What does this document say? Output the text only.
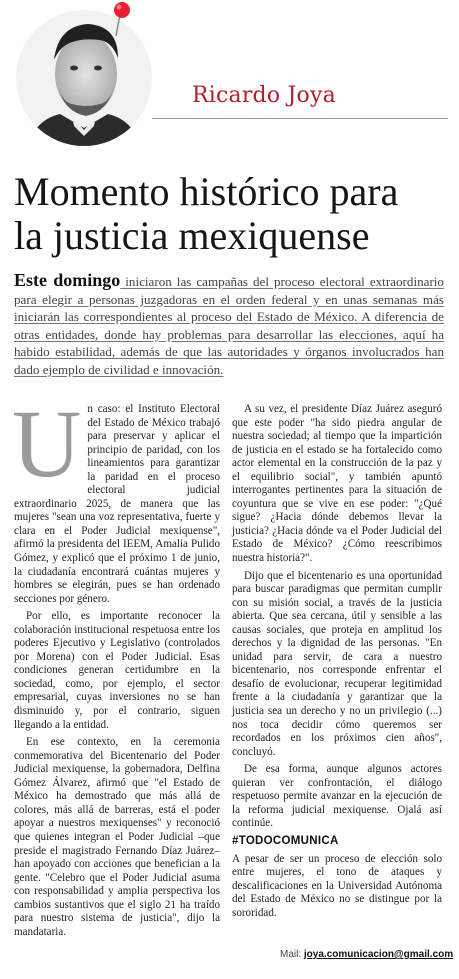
Ricardo Joya
Momento histórico para
la justicia mexiquense
Este domingo iniciaron las campañas del proceso electoral extraordinario para elegir a personas juzgadoras en el orden federal y en unas semanas más iniciarán las correspondientes al proceso del Estado de México. A diferencia de otras entidades, donde hay problemas para desarrollar las elecciones, aquí ha habido estabilidad, además de que las autoridades y órganos involucrados han dado ejemplo de civilidad e innovación.

Un caso: el Instituto Electoral del Estado de México trabajó para preservar y aplicar el principio de paridad, con los lineamientos para garantizar la paridad en el proceso electoral judicial extraordinario 2025, de manera que las mujeres "sean una voz representativa, fuerte y clara en el Poder Judicial mexiquense", afirmó la presidenta del IEEM, Amalia Pulido Gómez, y explicó que el próximo 1 de junio, la ciudadanía encontrará cuántas mujeres y hombres se elegirán, pues se han ordenado secciones por género.

Por ello, es importante reconocer la colaboración institucional respetuosa entre los poderes Ejecutivo y Legislativo (controlados por Morena) con el Poder Judicial. Esas condiciones generan certidumbre en la sociedad, como, por ejemplo, el sector empresarial, cuyas inversiones no se han disminuido y, por el contrario, siguen llegando a la entidad.

En ese contexto, en la ceremonia conmemorativa del Bicentenario del Poder Judicial mexiquense, la gobernadora, Delfina Gómez Álvarez, afirmó que "el Estado de México ha demostrado que más allá de colores, más allá de barreras, está el poder apoyar a nuestros mexiquenses" y reconoció que quienes integran el Poder Judicial –que preside el magistrado Fernando Díaz Juárez– han apoyado con acciones que benefician a la gente. "Celebro que el Poder Judicial asuma con responsabilidad y amplia perspectiva los cambios sustantivos que el siglo 21 ha traído para nuestro sistema de justicia", dijo la mandataria.

A su vez, el presidente Díaz Juárez aseguró que este poder "ha sido piedra angular de nuestra sociedad; al tiempo que la impartición de justicia en el estado se ha fortalecido como actor elemental en la construcción de la paz y el equilibrio social", y también apuntó interrogantes pertinentes para la situación de coyuntura que se vive en ese poder: "¿Qué sigue? ¿Hacia dónde debemos llevar la justicia? ¿Hacia dónde va el Poder Judicial del Estado de México? ¿Cómo reescribimos nuestra historia?".

Dijo que el bicentenario es una oportunidad para buscar paradigmas que permitan cumplir con su misión social, a través de la justicia abierta. Que sea cercana, útil y sensible a las causas sociales, que proteja en amplitud los derechos y la dignidad de las personas. "En unidad para servir, de cara a nuestro bicentenario, nos corresponde enfrentar el desafío de evolucionar, recuperar legitimidad frente a la ciudadanía y garantizar que la justicia sea un derecho y no un privilegio (...) nos toca decidir cómo queremos ser recordados en los próximos cien años", concluyó.

De esa forma, aunque algunos actores quieran ver confrontación, el diálogo respetuoso permite avanzar en la ejecución de la reforma judicial mexiquense. Ojalá así continúe.

#TODOCOMUNICA

A pesar de ser un proceso de elección solo entre mujeres, el tono de ataques y descalificaciones en la Universidad Autónoma del Estado de México no se distingue por la sororidad.

Mail: joya.comunicacion@gmail.com
